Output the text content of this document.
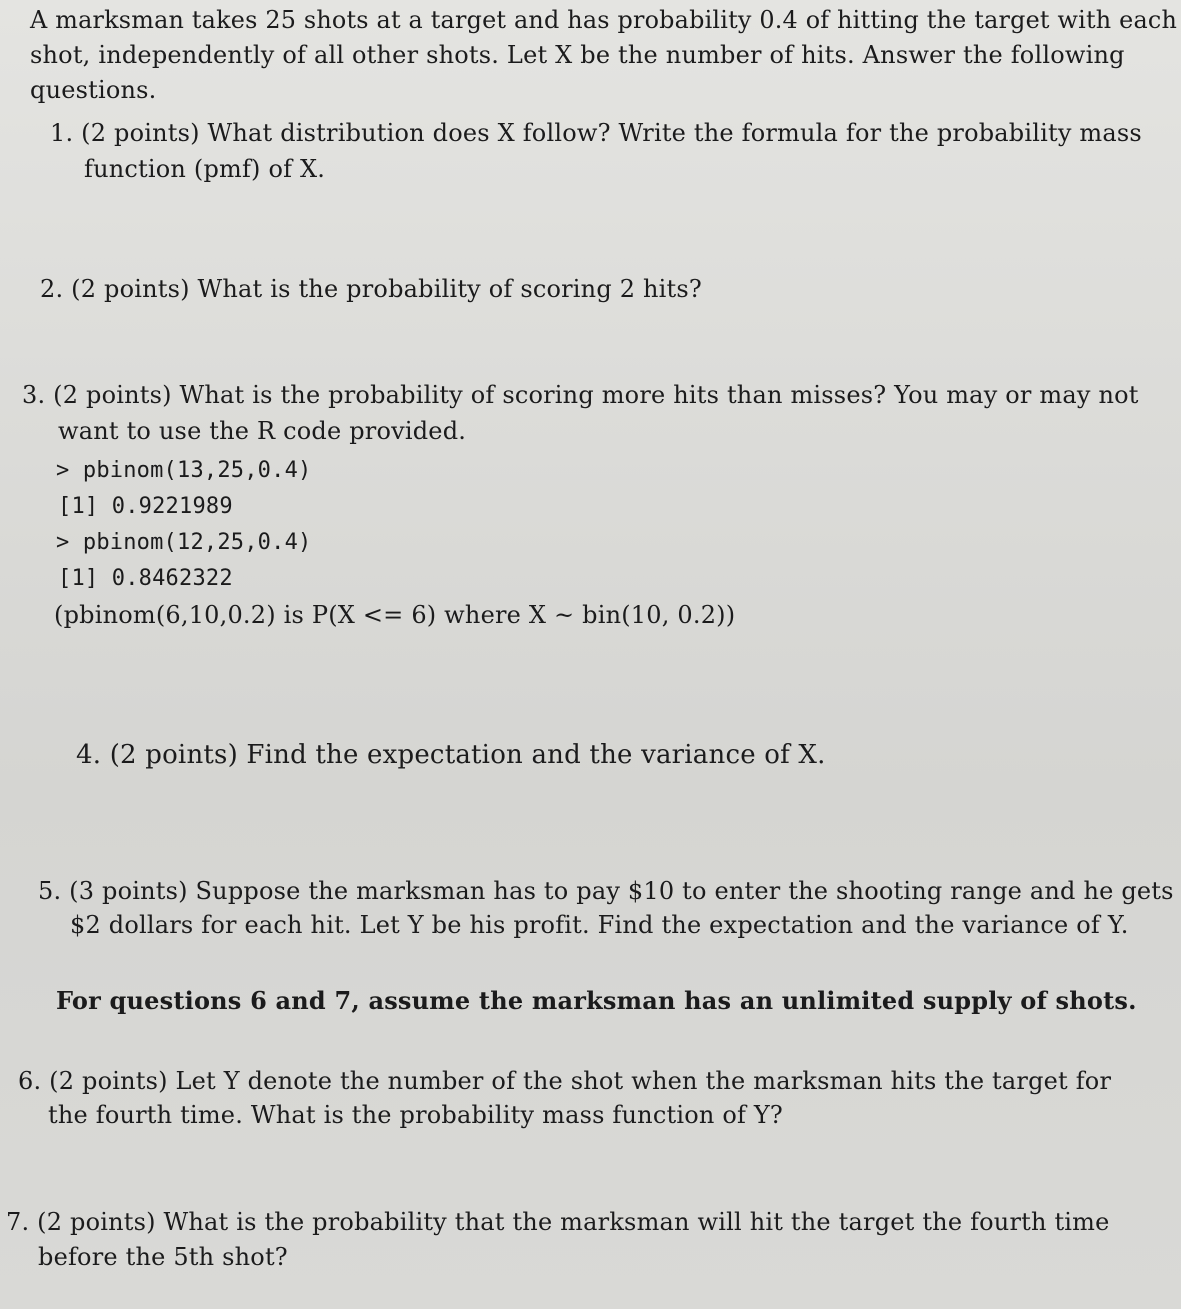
A marksman takes 25 shots at a target and has probability 0.4 of hitting the target with each
shot, independently of all other shots. Let X be the number of hits. Answer the following
questions.
1. (2 points) What distribution does X follow? Write the formula for the probability mass
function (pmf) of X.
2. (2 points) What is the probability of scoring 2 hits?
3. (2 points) What is the probability of scoring more hits than misses? You may or may not
want to use the R code provided.
> pbinom(13,25,0.4)
[1] 0.9221989
> pbinom(12,25,0.4)
[1] 0.8462322
(pbinom(6,10,0.2) is P(X <= 6) where X ~ bin(10, 0.2))
4. (2 points) Find the expectation and the variance of X.
5. (3 points) Suppose the marksman has to pay $10 to enter the shooting range and he gets
$2 dollars for each hit. Let Y be his profit. Find the expectation and the variance of Y.
For questions 6 and 7, assume the marksman has an unlimited supply of shots.
6. (2 points) Let Y denote the number of the shot when the marksman hits the target for
the fourth time. What is the probability mass function of Y?
7. (2 points) What is the probability that the marksman will hit the target the fourth time
before the 5th shot?
